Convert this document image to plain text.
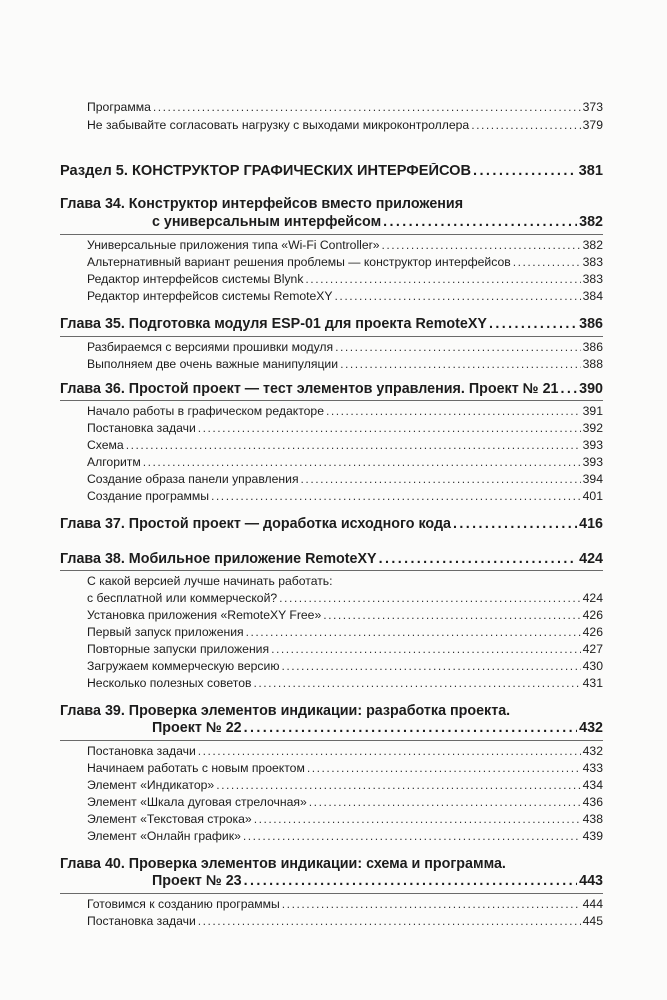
Программа .....	373
Не забывайте согласовать нагрузку с выходами микроконтроллера .....	379
Раздел 5. КОНСТРУКТОР ГРАФИЧЕСКИХ ИНТЕРФЕЙСОВ .....	381
Глава 34. Конструктор интерфейсов вместо приложения
с универсальным интерфейсом .....	382
Универсальные приложения типа «Wi-Fi Controller» .....	382
Альтернативный вариант решения проблемы — конструктор интерфейсов .....	383
Редактор интерфейсов системы Blynk .....	383
Редактор интерфейсов системы RemoteXY .....	384
Глава 35. Подготовка модуля ESP-01 для проекта RemoteXY .....	386
Разбираемся с версиями прошивки модуля .....	386
Выполняем две очень важные манипуляции .....	388
Глава 36. Простой проект — тест элементов управления. Проект № 21 ..... 390
Начало работы в графическом редакторе .....	391
Постановка задачи .....	392
Схема .....	393
Алгоритм .....	393
Создание образа панели управления .....	394
Создание программы .....	401
Глава 37. Простой проект — доработка исходного кода .....	416
Глава 38. Мобильное приложение RemoteXY .....	424
С какой версией лучше начинать работать:
с бесплатной или коммерческой? .....	424
Установка приложения «RemoteXY Free» .....	426
Первый запуск приложения .....	426
Повторные запуски приложения .....	427
Загружаем коммерческую версию .....	430
Несколько полезных советов .....	431
Глава 39. Проверка элементов индикации: разработка проекта.
Проект № 22 .....	432
Постановка задачи .....	432
Начинаем работать с новым проектом .....	433
Элемент «Индикатор» .....	434
Элемент «Шкала дуговая стрелочная» .....	436
Элемент «Текстовая строка» .....	438
Элемент «Онлайн график» .....	439
Глава 40. Проверка элементов индикации: схема и программа.
Проект № 23 .....	443
Готовимся к созданию программы .....	444
Постановка задачи .....	445
